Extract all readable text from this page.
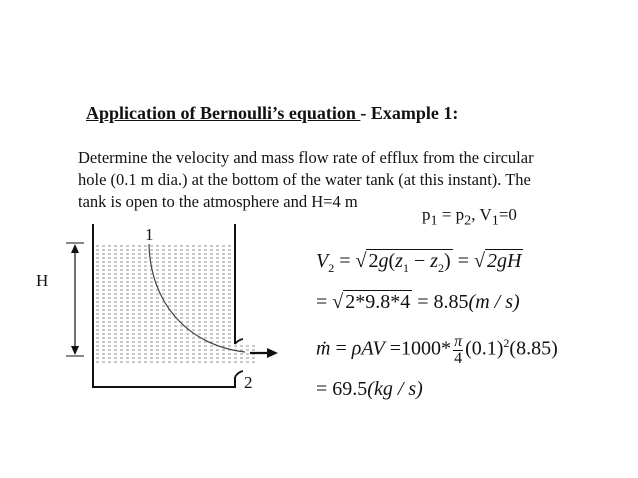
Application of Bernoulli’s equation - Example 1:
Determine the velocity and mass flow rate of efflux from the circular
hole (0.1 m dia.) at the bottom of the water tank (at this instant). The
tank is open to the atmosphere and H=4 m
$p_1 = p_2$, $V_1=0$
$V_2$ = √ $2g(z_1 - z_2)$ = √ 2gH
= √ 2*9.8*4 = 8.85(m / s)
ṁ = $\rho AV =1000* \frac{\pi}{4} (0.1)^2(8.85)$
= 69.5(kg / s)
1
2
H
